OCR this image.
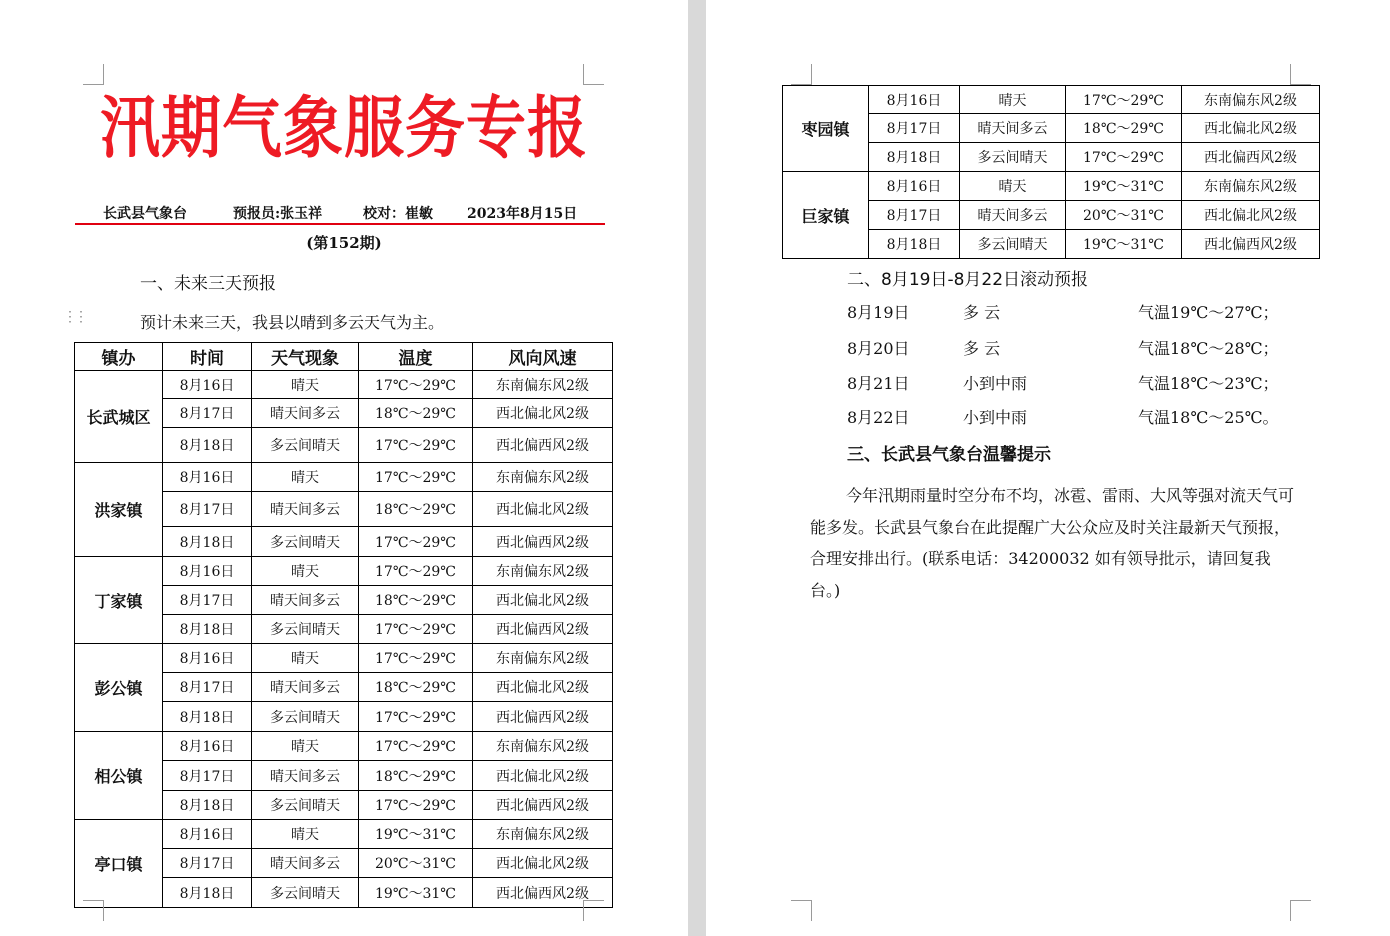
汛期气象服务专报
长武县气象台	预报员:张玉祥	校对：崔敏 2023年8月15日
(第152期)
一、未来三天预报
⋮⋮	预计未来三天，我县以晴到多云天气为主。
镇办	时间	天气现象	温度	风向风速
长武城区	8月16日	晴天	17℃～29℃	东南偏东风2级
	8月17日	晴天间多云	18℃～29℃	西北偏北风2级
	8月18日	多云间晴天	17℃～29℃	西北偏西风2级
洪家镇	8月16日	晴天	17℃～29℃	东南偏东风2级
	8月17日	晴天间多云	18℃～29℃	西北偏北风2级
	8月18日	多云间晴天	17℃～29℃	西北偏西风2级
丁家镇	8月16日	晴天	17℃～29℃	东南偏东风2级
	8月17日	晴天间多云	18℃～29℃	西北偏北风2级
	8月18日	多云间晴天	17℃～29℃	西北偏西风2级
彭公镇	8月16日	晴天	17℃～29℃	东南偏东风2级
	8月17日	晴天间多云	18℃～29℃	西北偏北风2级
	8月18日	多云间晴天	17℃～29℃	西北偏西风2级
相公镇	8月16日	晴天	17℃～29℃	东南偏东风2级
	8月17日	晴天间多云	18℃～29℃	西北偏北风2级
	8月18日	多云间晴天	17℃～29℃	西北偏西风2级
亭口镇	8月16日	晴天	19℃～31℃	东南偏东风2级
	8月17日	晴天间多云	20℃～31℃	西北偏北风2级
	8月18日	多云间晴天	19℃～31℃	西北偏西风2级
枣园镇	8月16日	晴天	17℃～29℃	东南偏东风2级
	8月17日	晴天间多云	18℃～29℃	西北偏北风2级
	8月18日	多云间晴天	17℃～29℃	西北偏西风2级
巨家镇	8月16日	晴天	19℃～31℃	东南偏东风2级
	8月17日	晴天间多云	20℃～31℃	西北偏北风2级
	8月18日	多云间晴天	19℃～31℃	西北偏西风2级
二、8月19日-8月22日滚动预报
8月19日	多 云	气温19℃～27℃；
8月20日	多 云	气温18℃～28℃；
8月21日	小到中雨	气温18℃～23℃；
8月22日	小到中雨	气温18℃～25℃。
三、长武县气象台温馨提示

今年汛期雨量时空分布不均，冰雹、雷雨、大风等强对流天气可能多发。长武县气象台在此提醒广大公众应及时关注最新天气预报，合理安排出行。(联系电话：34200032 如有领导批示，请回复我台。)
